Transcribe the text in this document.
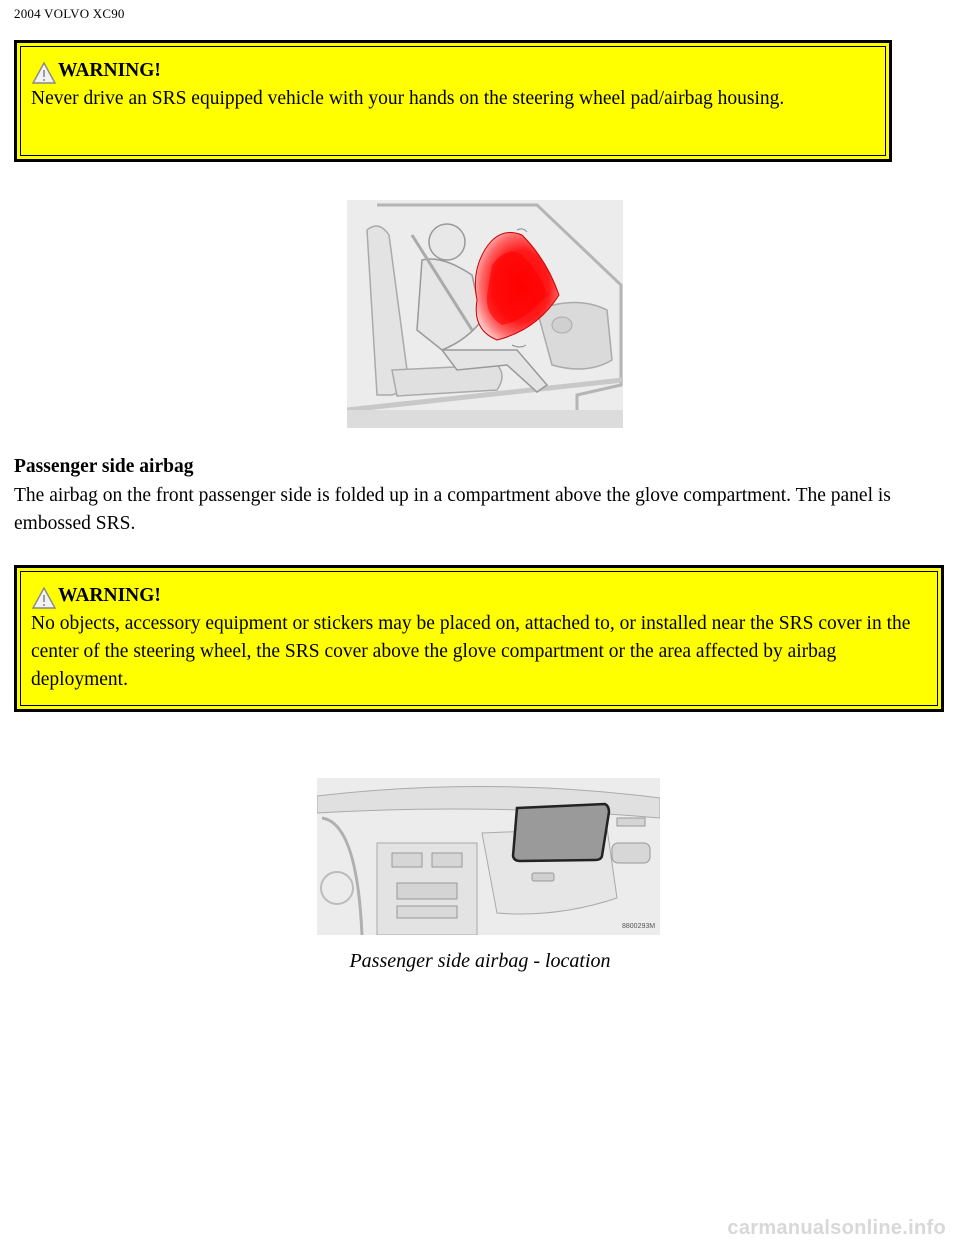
2004 VOLVO XC90
WARNING!
Never drive an SRS equipped vehicle with your hands on the steering wheel pad/airbag housing.
Passenger side airbag
The airbag on the front passenger side is folded up in a compartment above the glove compartment. The panel is embossed SRS.
WARNING!
No objects, accessory equipment or stickers may be placed on, attached to, or installed near the SRS cover in the center of the steering wheel, the SRS cover above the glove compartment or the area affected by airbag deployment.
8800293M
Passenger side airbag - location
carmanualsonline.info
